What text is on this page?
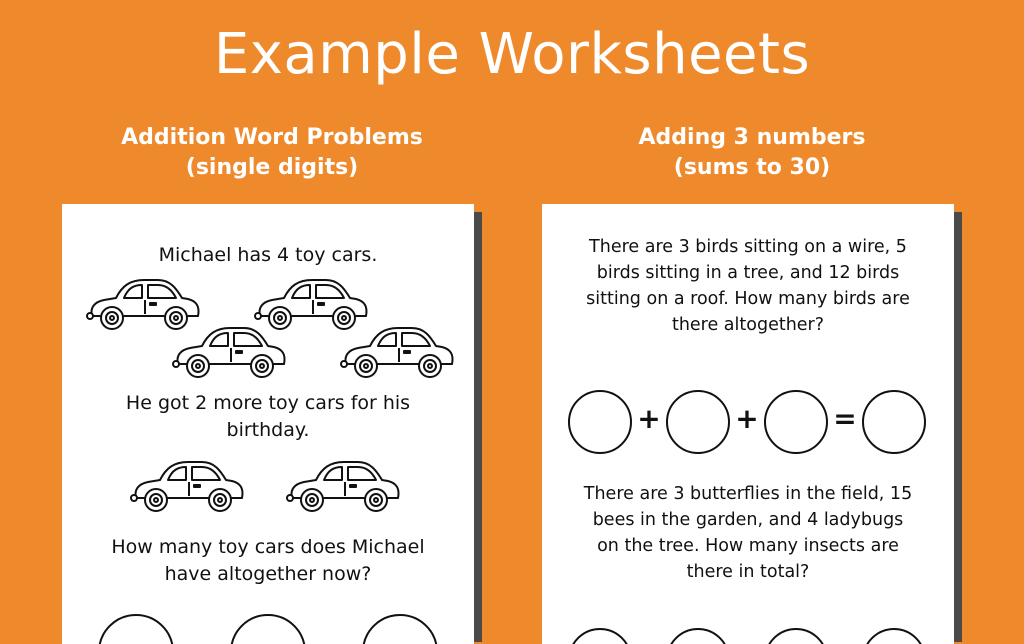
Example Worksheets
Addition Word Problems
(single digits)
Adding 3 numbers
(sums to 30)
Michael has 4 toy cars.
He got 2 more toy cars for his
birthday.
How many toy cars does Michael
have altogether now?
There are 3 birds sitting on a wire, 5
birds sitting in a tree, and 12 birds
sitting on a roof. How many birds are
there altogether?
+	+	=
There are 3 butterflies in the field, 15
bees in the garden, and 4 ladybugs
on the tree. How many insects are
there in total?
